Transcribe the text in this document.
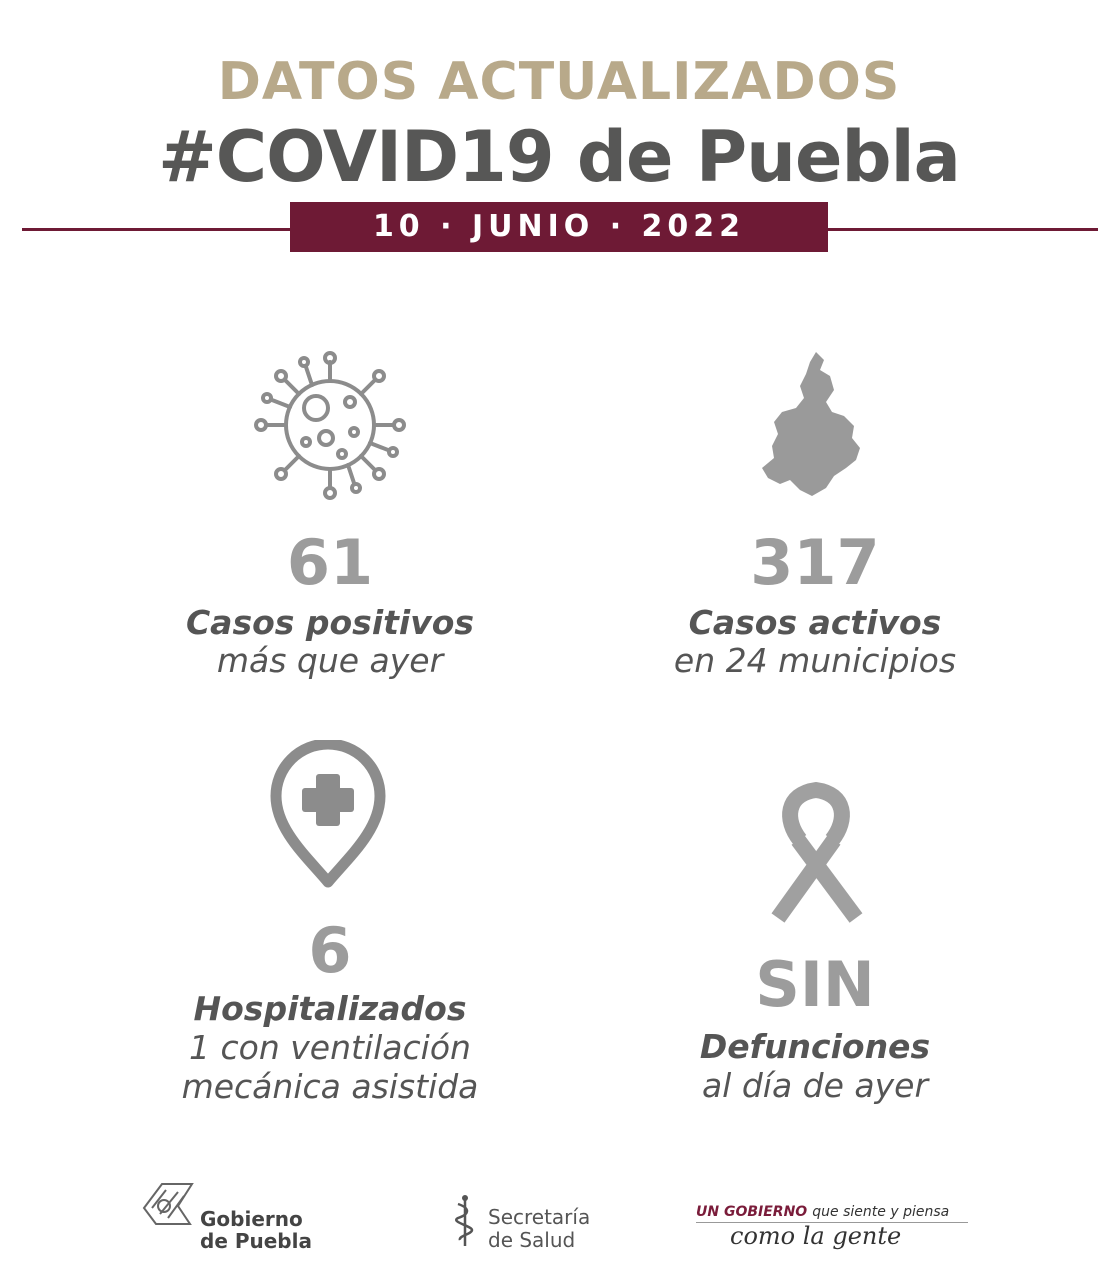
DATOS ACTUALIZADOS
#COVID19 de Puebla
10 · JUNIO · 2022
61
Casos positivos
más que ayer
317
Casos activos
en 24 municipios
6
Hospitalizados
1 con ventilación
mecánica asistida
SIN
Defunciones
al día de ayer
Gobierno
de Puebla
Secretaría
de Salud
UN GOBIERNO que siente y piensa
como la gente
